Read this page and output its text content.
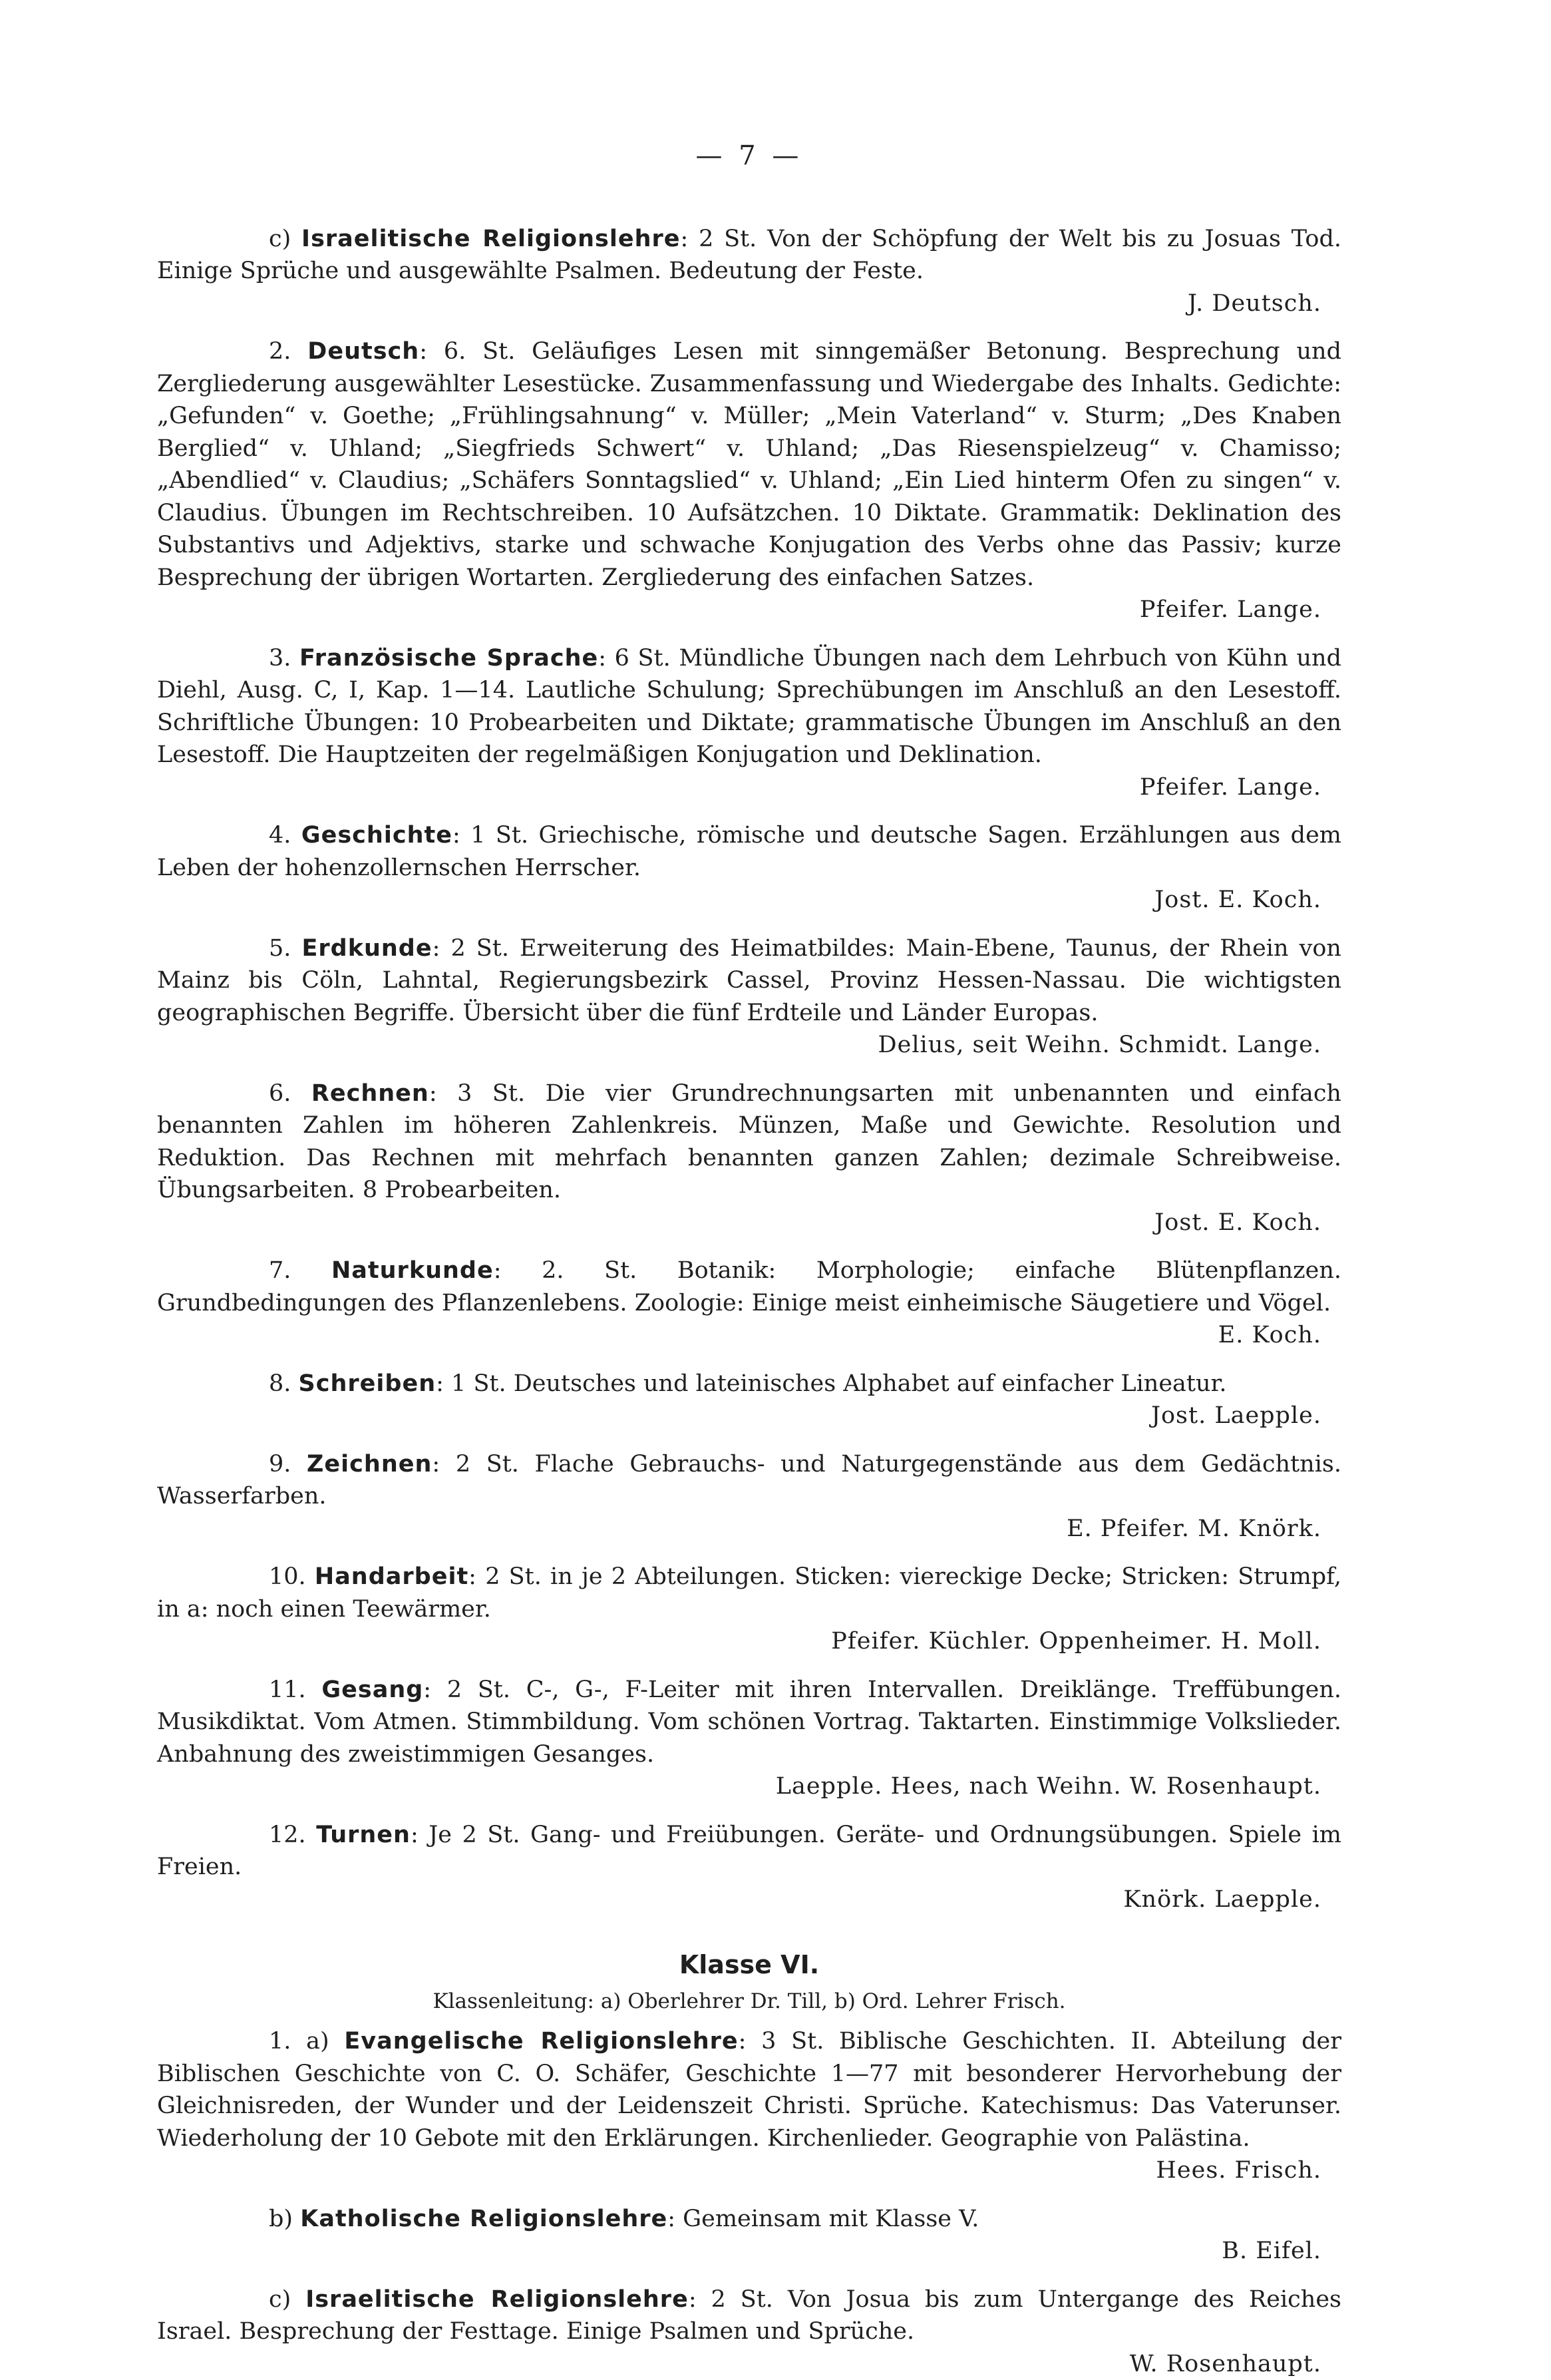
— 7 —

c) Israelitische Religionslehre: 2 St. Von der Schöpfung der Welt bis zu Josuas Tod. Einige Sprüche und ausgewählte Psalmen. Bedeutung der Feste.

J. Deutsch.

2. Deutsch: 6. St. Geläufiges Lesen mit sinngemäßer Betonung. Besprechung und Zergliederung ausgewählter Lesestücke. Zusammenfassung und Wiedergabe des Inhalts. Gedichte: „Gefunden“ v. Goethe; „Frühlingsahnung“ v. Müller; „Mein Vaterland“ v. Sturm; „Des Knaben Berglied“ v. Uhland; „Siegfrieds Schwert“ v. Uhland; „Das Riesenspielzeug“ v. Chamisso; „Abendlied“ v. Claudius; „Schäfers Sonntagslied“ v. Uhland; „Ein Lied hinterm Ofen zu singen“ v. Claudius. Übungen im Rechtschreiben. 10 Aufsätzchen. 10 Diktate. Grammatik: Deklination des Substantivs und Adjektivs, starke und schwache Konjugation des Verbs ohne das Passiv; kurze Besprechung der übrigen Wortarten. Zergliederung des einfachen Satzes.

Pfeifer. Lange.

3. Französische Sprache: 6 St. Mündliche Übungen nach dem Lehrbuch von Kühn und Diehl, Ausg. C, I, Kap. 1—14. Lautliche Schulung; Sprechübungen im Anschluß an den Lesestoff. Schriftliche Übungen: 10 Probearbeiten und Diktate; grammatische Übungen im Anschluß an den Lesestoff. Die Hauptzeiten der regelmäßigen Konjugation und Deklination.

Pfeifer. Lange.

4. Geschichte: 1 St. Griechische, römische und deutsche Sagen. Erzählungen aus dem Leben der hohenzollernschen Herrscher.

Jost. E. Koch.

5. Erdkunde: 2 St. Erweiterung des Heimatbildes: Main-Ebene, Taunus, der Rhein von Mainz bis Cöln, Lahntal, Regierungsbezirk Cassel, Provinz Hessen-Nassau. Die wichtigsten geographischen Begriffe. Übersicht über die fünf Erdteile und Länder Europas.

Delius, seit Weihn. Schmidt. Lange.

6. Rechnen: 3 St. Die vier Grundrechnungsarten mit unbenannten und einfach benannten Zahlen im höheren Zahlenkreis. Münzen, Maße und Gewichte. Resolution und Reduktion. Das Rechnen mit mehrfach benannten ganzen Zahlen; dezimale Schreibweise. Übungsarbeiten. 8 Probearbeiten.

Jost. E. Koch.

7. Naturkunde: 2. St. Botanik: Morphologie; einfache Blütenpflanzen. Grundbedingungen des Pflanzenlebens. Zoologie: Einige meist einheimische Säugetiere und Vögel.

E. Koch.

8. Schreiben: 1 St. Deutsches und lateinisches Alphabet auf einfacher Lineatur.

Jost. Laepple.

9. Zeichnen: 2 St. Flache Gebrauchs- und Naturgegenstände aus dem Gedächtnis. Wasserfarben.

E. Pfeifer. M. Knörk.

10. Handarbeit: 2 St. in je 2 Abteilungen. Sticken: viereckige Decke; Stricken: Strumpf, in a: noch einen Teewärmer.

Pfeifer. Küchler. Oppenheimer. H. Moll.

11. Gesang: 2 St. C-, G-, F-Leiter mit ihren Intervallen. Dreiklänge. Treffübungen. Musikdiktat. Vom Atmen. Stimmbildung. Vom schönen Vortrag. Taktarten. Einstimmige Volkslieder. Anbahnung des zweistimmigen Gesanges.

Laepple. Hees, nach Weihn. W. Rosenhaupt.

12. Turnen: Je 2 St. Gang- und Freiübungen. Geräte- und Ordnungsübungen. Spiele im Freien.

Knörk. Laepple.

Klasse VI.
Klassenleitung: a) Oberlehrer Dr. Till, b) Ord. Lehrer Frisch.

1. a) Evangelische Religionslehre: 3 St. Biblische Geschichten. II. Abteilung der Biblischen Geschichte von C. O. Schäfer, Geschichte 1—77 mit besonderer Hervorhebung der Gleichnisreden, der Wunder und der Leidenszeit Christi. Sprüche. Katechismus: Das Vaterunser. Wiederholung der 10 Gebote mit den Erklärungen. Kirchenlieder. Geographie von Palästina.

Hees. Frisch.

b) Katholische Religionslehre: Gemeinsam mit Klasse V.

B. Eifel.

c) Israelitische Religionslehre: 2 St. Von Josua bis zum Untergange des Reiches Israel. Besprechung der Festtage. Einige Psalmen und Sprüche.

W. Rosenhaupt.
